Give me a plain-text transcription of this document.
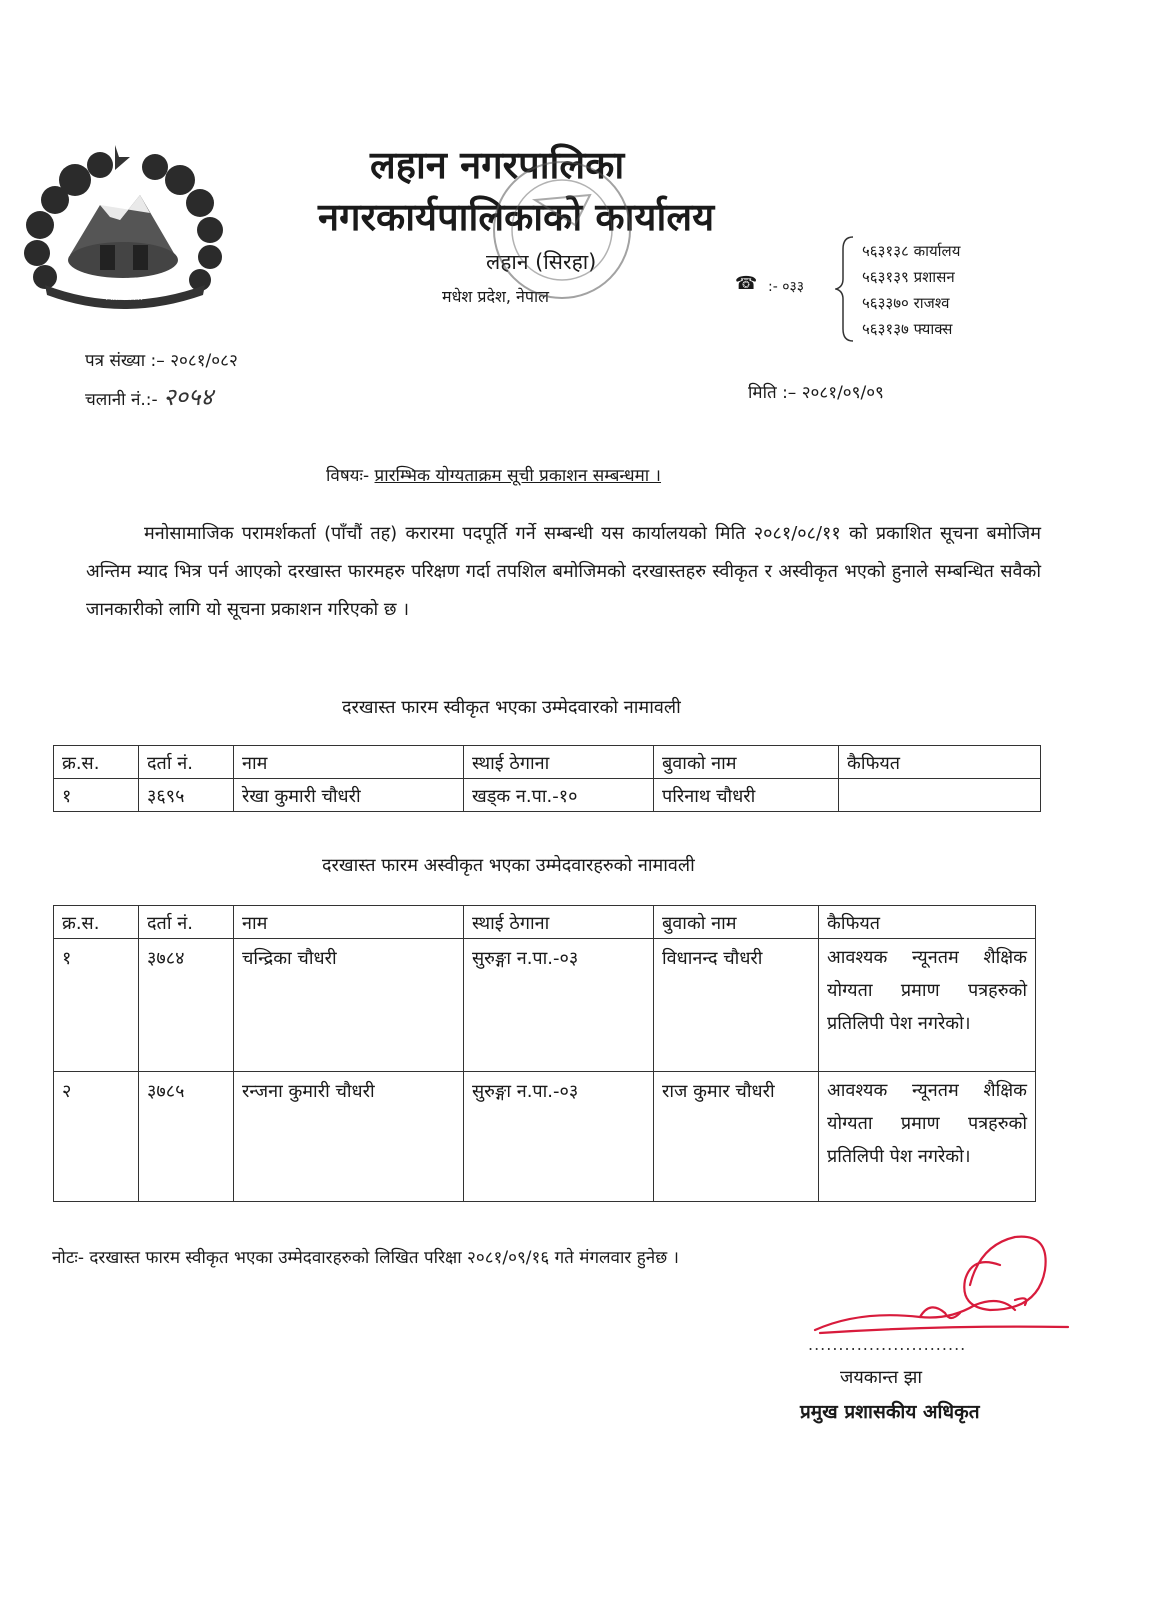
नेपाल सरकार
लहान नगरपालिका
नगरकार्यपालिकाको कार्यालय
लहान (सिरहा)
मधेश प्रदेश, नेपाल
☎ :- ०३३
५६३१३८ कार्यालय
५६३१३९ प्रशासन
५६३३७० राजश्व
५६३१३७ फ्याक्स
पत्र संख्या :– २०८१/०८२
चलानी नं.:- २०५४	मिति :– २०८१/०९/०९
विषयः- प्रारम्भिक योग्यताक्रम सूची प्रकाशन सम्बन्धमा ।
मनोसामाजिक परामर्शकर्ता (पाँचौं तह) करारमा पदपूर्ति गर्ने सम्बन्धी यस कार्यालयको मिति २०८१/०८/११ को प्रकाशित सूचना बमोजिम अन्तिम म्याद भित्र पर्न आएको दरखास्त फारमहरु परिक्षण गर्दा तपशिल बमोजिमको दरखास्तहरु स्वीकृत र अस्वीकृत भएको हुनाले सम्बन्धित सवैको जानकारीको लागि यो सूचना प्रकाशन गरिएको छ ।
दरखास्त फारम स्वीकृत भएका उम्मेदवारको नामावली
क्र.स.	दर्ता नं.	नाम	स्थाई ठेगाना	बुवाको नाम	कैफियत
१	३६९५	रेखा कुमारी चौधरी	खड्क न.पा.-१०	परिनाथ चौधरी	
दरखास्त फारम अस्वीकृत भएका उम्मेदवारहरुको नामावली
क्र.स.	दर्ता नं.	नाम	स्थाई ठेगाना	बुवाको नाम	कैफियत
१	३७८४	चन्द्रिका चौधरी	सुरुङ्गा न.पा.-०३	विधानन्द चौधरी	आवश्यक न्यूनतम शैक्षिक योग्यता प्रमाण पत्रहरुको प्रतिलिपी पेश नगरेको।
२	३७८५	रन्जना कुमारी चौधरी	सुरुङ्गा न.पा.-०३	राज कुमार चौधरी	आवश्यक न्यूनतम शैक्षिक योग्यता प्रमाण पत्रहरुको प्रतिलिपी पेश नगरेको।
नोटः- दरखास्त फारम स्वीकृत भएका उम्मेदवारहरुको लिखित परिक्षा २०८१/०९/१६ गते मंगलवार हुनेछ ।
..........................
जयकान्त झा
प्रमुख प्रशासकीय अधिकृत
